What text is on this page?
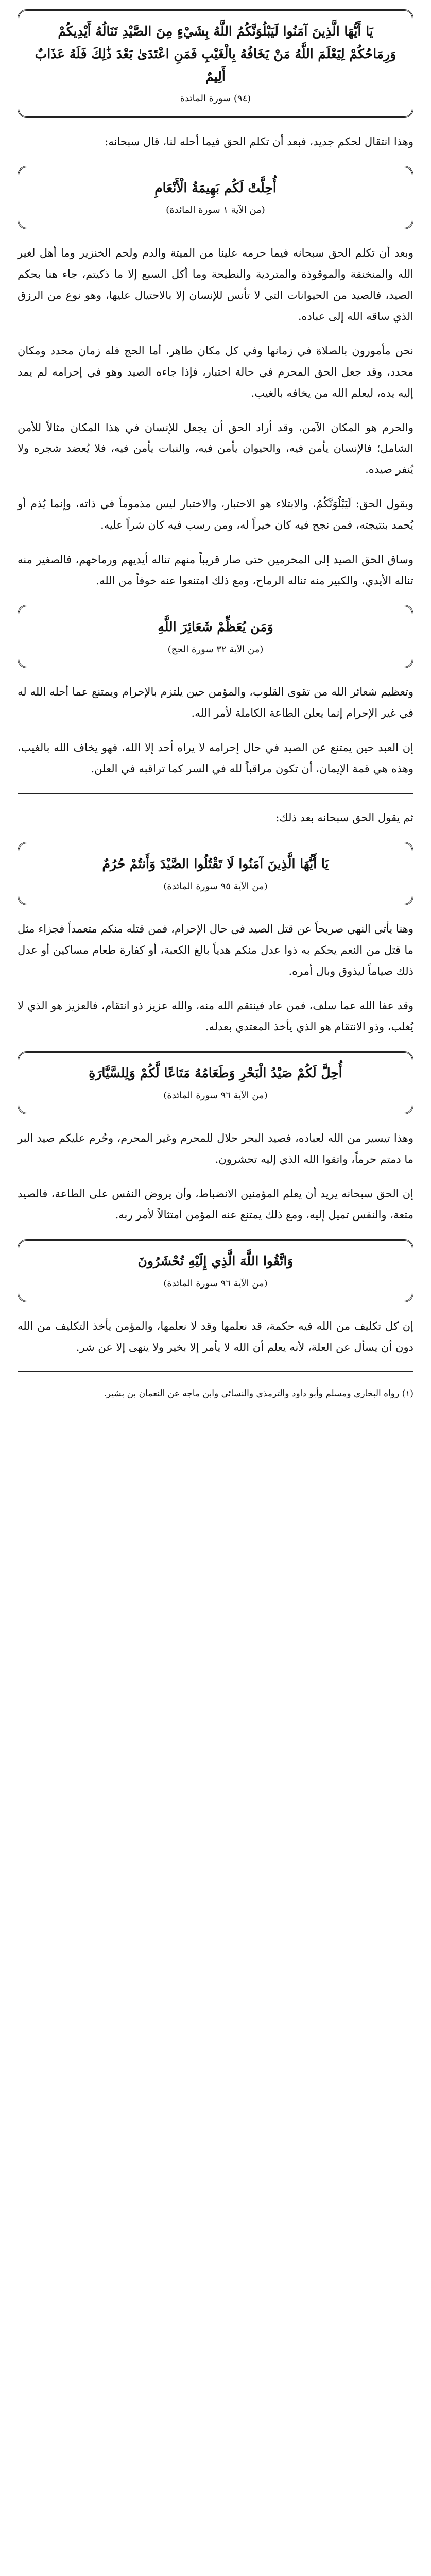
يَا أَيُّهَا الَّذِينَ آمَنُوا لَيَبْلُوَنَّكُمُ اللَّهُ بِشَيْءٍ مِنَ الصَّيْدِ تَنَالُهُ أَيْدِيكُمْ وَرِمَاحُكُمْ لِيَعْلَمَ اللَّهُ مَنْ يَخَافُهُ بِالْغَيْبِ فَمَنِ اعْتَدَىٰ بَعْدَ ذَٰلِكَ فَلَهُ عَذَابٌ أَلِيمٌ
(٩٤) سورة المائدة

وهذا انتقال لحكم جديد، فبعد أن تكلم الحق فيما أحله لنا، قال سبحانه:

أُحِلَّتْ لَكُم بَهِيمَةُ الْأَنْعَامِ
(من الآية ١ سورة المائدة)

وبعد أن تكلم الحق سبحانه فيما حرمه علينا من الميتة والدم ولحم الخنزير وما أهل لغير الله والمنخنقة والموقوذة والمتردية والنطيحة وما أكل السبع إلا ما ذكيتم، جاء هنا بحكم الصيد، فالصيد من الحيوانات التي لا تأنس للإنسان إلا بالاحتيال عليها، وهو نوع من الرزق الذي ساقه الله إلى عباده.

نحن مأمورون بالصلاة في زمانها وفي كل مكان طاهر، أما الحج فله زمان محدد ومكان محدد، وقد جعل الحق المحرم في حالة اختبار، فإذا جاءه الصيد وهو في إحرامه لم يمد إليه يده، ليعلم الله من يخافه بالغيب.

والحرم هو المكان الآمن، وقد أراد الحق أن يجعل للإنسان في هذا المكان مثالاً للأمن الشامل؛ فالإنسان يأمن فيه، والحيوان يأمن فيه، والنبات يأمن فيه، فلا يُعضد شجره ولا يُنفر صيده.

ويقول الحق: لَيَبْلُوَنَّكُمُ، والابتلاء هو الاختبار، والاختبار ليس مذموماً في ذاته، وإنما يُذم أو يُحمد بنتيجته، فمن نجح فيه كان خيراً له، ومن رسب فيه كان شراً عليه.

وساق الحق الصيد إلى المحرمين حتى صار قريباً منهم تناله أيديهم ورماحهم، فالصغير منه تناله الأيدي، والكبير منه تناله الرماح، ومع ذلك امتنعوا عنه خوفاً من الله.

وَمَن يُعَظِّمْ شَعَائِرَ اللَّهِ
(من الآية ٣٢ سورة الحج)

وتعظيم شعائر الله من تقوى القلوب، والمؤمن حين يلتزم بالإحرام ويمتنع عما أحله الله له في غير الإحرام إنما يعلن الطاعة الكاملة لأمر الله.

إن العبد حين يمتنع عن الصيد في حال إحرامه لا يراه أحد إلا الله، فهو يخاف الله بالغيب، وهذه هي قمة الإيمان، أن تكون مراقباً لله في السر كما تراقبه في العلن.

ثم يقول الحق سبحانه بعد ذلك:

يَا أَيُّهَا الَّذِينَ آمَنُوا لَا تَقْتُلُوا الصَّيْدَ وَأَنتُمْ حُرُمٌ
(من الآية ٩٥ سورة المائدة)

وهنا يأتي النهي صريحاً عن قتل الصيد في حال الإحرام، فمن قتله منكم متعمداً فجزاء مثل ما قتل من النعم يحكم به ذوا عدل منكم هدياً بالغ الكعبة، أو كفارة طعام مساكين أو عدل ذلك صياماً ليذوق وبال أمره.

وقد عفا الله عما سلف، فمن عاد فينتقم الله منه، والله عزيز ذو انتقام، فالعزيز هو الذي لا يُغلب، وذو الانتقام هو الذي يأخذ المعتدي بعدله.

أُحِلَّ لَكُمْ صَيْدُ الْبَحْرِ وَطَعَامُهُ مَتَاعًا لَّكُمْ وَلِلسَّيَّارَةِ
(من الآية ٩٦ سورة المائدة)

وهذا تيسير من الله لعباده، فصيد البحر حلال للمحرم وغير المحرم، وحُرم عليكم صيد البر ما دمتم حرماً، واتقوا الله الذي إليه تحشرون.

إن الحق سبحانه يريد أن يعلم المؤمنين الانضباط، وأن يروض النفس على الطاعة، فالصيد متعة، والنفس تميل إليه، ومع ذلك يمتنع عنه المؤمن امتثالاً لأمر ربه.

وَاتَّقُوا اللَّهَ الَّذِي إِلَيْهِ تُحْشَرُونَ
(من الآية ٩٦ سورة المائدة)

إن كل تكليف من الله فيه حكمة، قد نعلمها وقد لا نعلمها، والمؤمن يأخذ التكليف من الله دون أن يسأل عن العلة، لأنه يعلم أن الله لا يأمر إلا بخير ولا ينهى إلا عن شر.

(١) رواه البخاري ومسلم وأبو داود والترمذي والنسائي وابن ماجه عن النعمان بن بشير.
